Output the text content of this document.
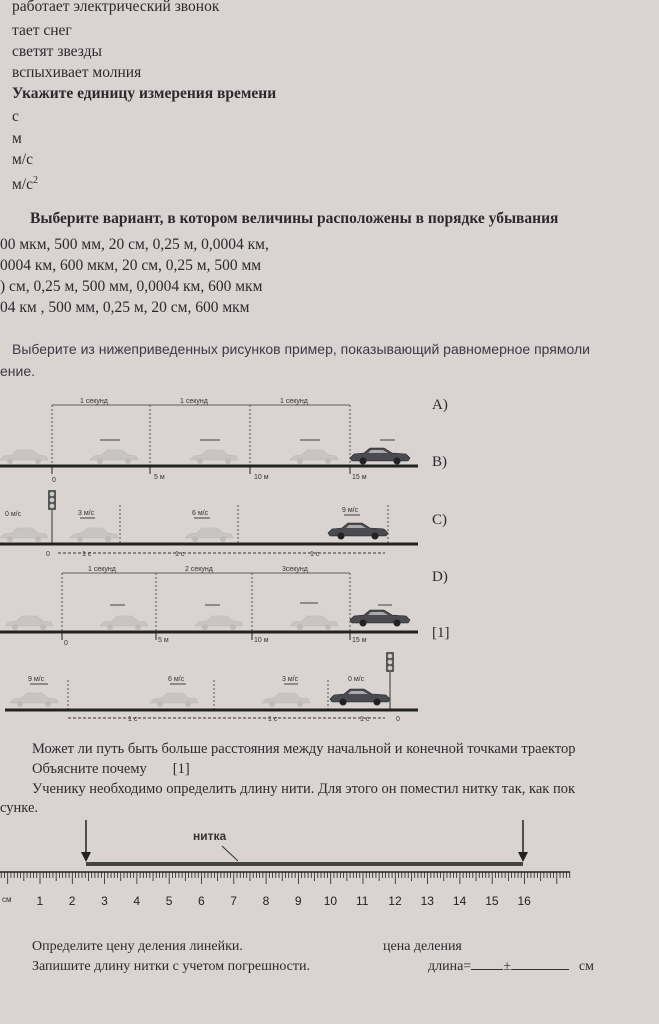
работает электрический звонок
тает снег
светят звезды
вспыхивает молния
Укажите единицу измерения времени
с
м
м/с
$м/с^2$
Выберите вариант, в котором величины расположены в порядке убывания
00 мкм, 500 мм, 20 см, 0,25 м, 0,0004 км,
0004 км, 600 мкм, 20 см, 0,25 м, 500 мм
) см, 0,25 м, 500 мм, 0,0004 км, 600 мкм
04 км , 500 мм, 0,25 м, 20 см, 600 мкм
Выберите из нижеприведенных рисунков пример, показывающий равномерное прямоли
ение.
1 секунд	1 секунд	1 секунд
0	5 м	10 м	15 м
0 м/с	3 м/с	6 м/с	9 м/с
0	1 с	1 с	1 с
1 секунд	2 секунд	3секунд
0	5 м	10 м	15 м
9 м/с	6 м/с	3 м/с	0 м/с
1 с	1 с	1 с	0
A)
B)
C)
D)
[1]
Может ли путь быть больше расстояния между начальной и конечной точками траектор
Объясните почему [1]
Ученику необходимо определить длину нити. Для этого он поместил нитку так, как пок
сунке.
нитка
см 1 2 3 4 5 6 7 8 9 10 11 12 13 14 15 16
Определите цену деления линейки.	цена деления
Запишите длину нитки с учетом погрешности.	длина= ±	см
